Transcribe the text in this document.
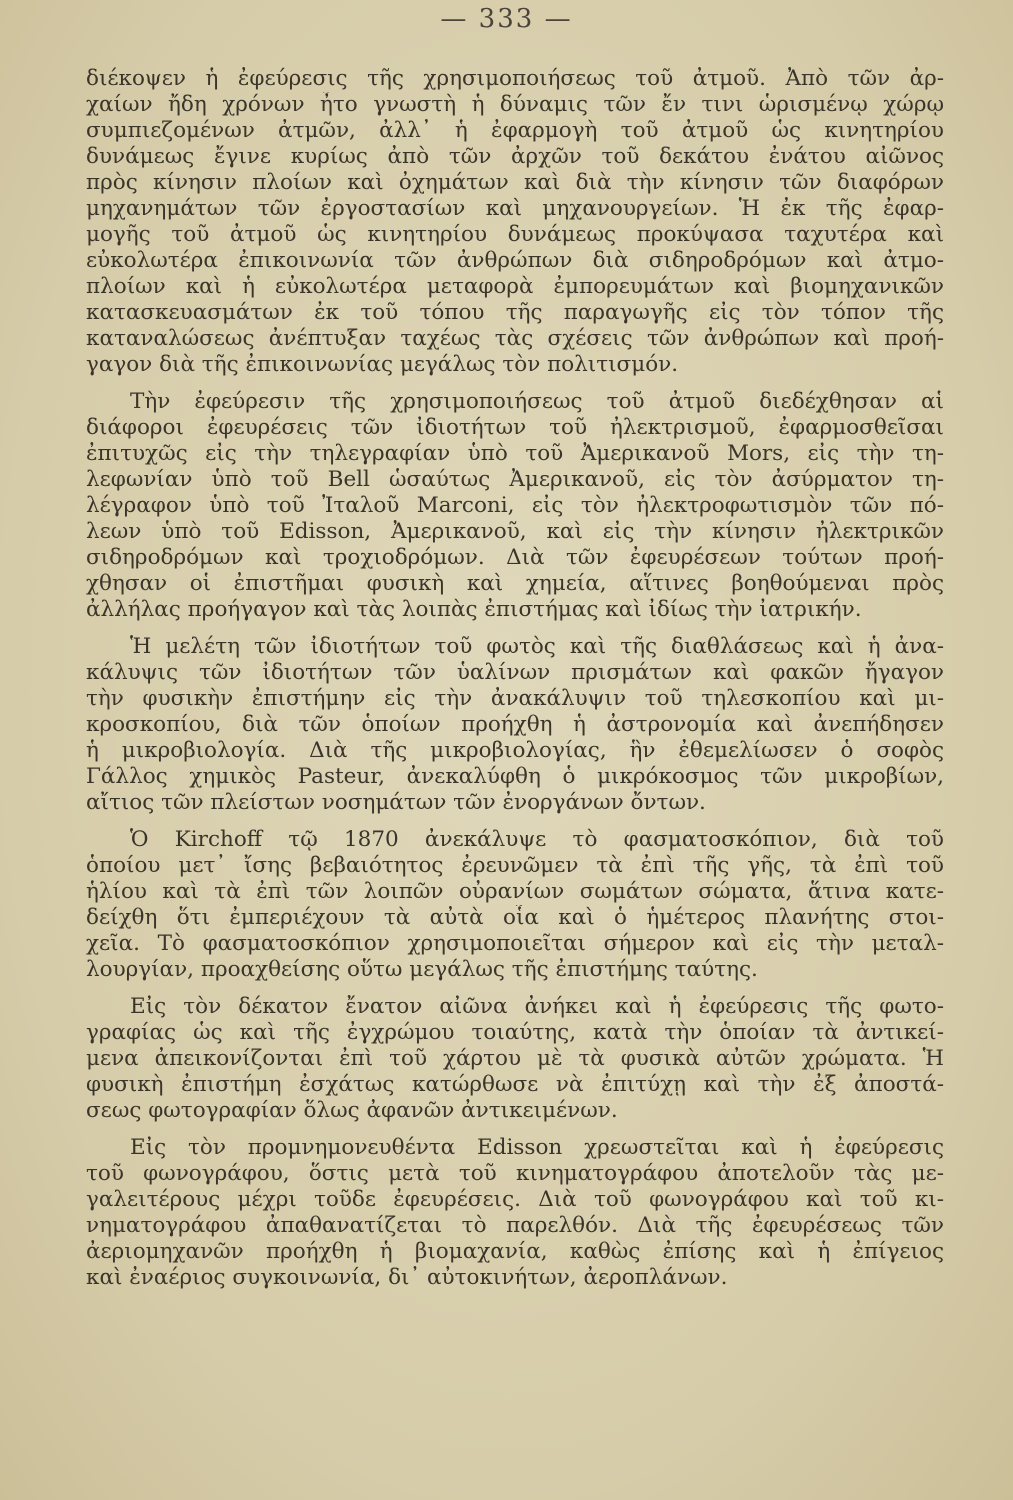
— 333 —
διέκοψεν ἡ ἐφεύρεσις τῆς χρησιμοποιήσεως τοῦ ἀτμοῦ. Ἀπὸ τῶν ἀρ-
χαίων ἤδη χρόνων ἦτο γνωστὴ ἡ δύναμις τῶν ἔν τινι ὡρισμένῳ χώρῳ
συμπιεζομένων ἀτμῶν, ἀλλ᾽ ἡ ἐφαρμογὴ τοῦ ἀτμοῦ ὡς κινητηρίου
δυνάμεως ἔγινε κυρίως ἀπὸ τῶν ἀρχῶν τοῦ δεκάτου ἐνάτου αἰῶνος
πρὸς κίνησιν πλοίων καὶ ὀχημάτων καὶ διὰ τὴν κίνησιν τῶν διαφόρων
μηχανημάτων τῶν ἐργοστασίων καὶ μηχανουργείων. Ἡ ἐκ τῆς ἐφαρ-
μογῆς τοῦ ἀτμοῦ ὡς κινητηρίου δυνάμεως προκύψασα ταχυτέρα καὶ
εὐκολωτέρα ἐπικοινωνία τῶν ἀνθρώπων διὰ σιδηροδρόμων καὶ ἀτμο-
πλοίων καὶ ἡ εὐκολωτέρα μεταφορὰ ἐμπορευμάτων καὶ βιομηχανικῶν
κατασκευασμάτων ἐκ τοῦ τόπου τῆς παραγωγῆς εἰς τὸν τόπον τῆς
καταναλώσεως ἀνέπτυξαν ταχέως τὰς σχέσεις τῶν ἀνθρώπων καὶ προή-
γαγον διὰ τῆς ἐπικοινωνίας μεγάλως τὸν πολιτισμόν.
Τὴν ἐφεύρεσιν τῆς χρησιμοποιήσεως τοῦ ἀτμοῦ διεδέχθησαν αἱ
διάφοροι ἐφευρέσεις τῶν ἰδιοτήτων τοῦ ἠλεκτρισμοῦ, ἐφαρμοσθεῖσαι
ἐπιτυχῶς εἰς τὴν τηλεγραφίαν ὑπὸ τοῦ Ἀμερικανοῦ Mors, εἰς τὴν τη-
λεφωνίαν ὑπὸ τοῦ Bell ὡσαύτως Ἀμερικανοῦ, εἰς τὸν ἀσύρματον τη-
λέγραφον ὑπὸ τοῦ Ἰταλοῦ Marconi, εἰς τὸν ἠλεκτροφωτισμὸν τῶν πό-
λεων ὑπὸ τοῦ Edisson, Ἀμερικανοῦ, καὶ εἰς τὴν κίνησιν ἠλεκτρικῶν
σιδηροδρόμων καὶ τροχιοδρόμων. Διὰ τῶν ἐφευρέσεων τούτων προή-
χθησαν οἱ ἐπιστῆμαι φυσικὴ καὶ χημεία, αἵτινες βοηθούμεναι πρὸς
ἀλλήλας προήγαγον καὶ τὰς λοιπὰς ἐπιστήμας καὶ ἰδίως τὴν ἰατρικήν.
Ἡ μελέτη τῶν ἰδιοτήτων τοῦ φωτὸς καὶ τῆς διαθλάσεως καὶ ἡ ἀνα-
κάλυψις τῶν ἰδιοτήτων τῶν ὑαλίνων πρισμάτων καὶ φακῶν ἤγαγον
τὴν φυσικὴν ἐπιστήμην εἰς τὴν ἀνακάλυψιν τοῦ τηλεσκοπίου καὶ μι-
κροσκοπίου, διὰ τῶν ὁποίων προήχθη ἡ ἀστρονομία καὶ ἀνεπήδησεν
ἡ μικροβιολογία. Διὰ τῆς μικροβιολογίας, ἣν ἐθεμελίωσεν ὁ σοφὸς
Γάλλος χημικὸς Pasteur, ἀνεκαλύφθη ὁ μικρόκοσμος τῶν μικροβίων,
αἴτιος τῶν πλείστων νοσημάτων τῶν ἐνοργάνων ὄντων.
Ὁ Kirchoff τῷ 1870 ἀνεκάλυψε τὸ φασματοσκόπιον, διὰ τοῦ
ὁποίου μετ᾽ ἴσης βεβαιότητος ἐρευνῶμεν τὰ ἐπὶ τῆς γῆς, τὰ ἐπὶ τοῦ
ἡλίου καὶ τὰ ἐπὶ τῶν λοιπῶν οὐρανίων σωμάτων σώματα, ἅτινα κατε-
δείχθη ὅτι ἐμπεριέχουν τὰ αὐτὰ οἷα καὶ ὁ ἡμέτερος πλανήτης στοι-
χεῖα. Τὸ φασματοσκόπιον χρησιμοποιεῖται σήμερον καὶ εἰς τὴν μεταλ-
λουργίαν, προαχθείσης οὕτω μεγάλως τῆς ἐπιστήμης ταύτης.
Εἰς τὸν δέκατον ἔνατον αἰῶνα ἀνήκει καὶ ἡ ἐφεύρεσις τῆς φωτο-
γραφίας ὡς καὶ τῆς ἐγχρώμου τοιαύτης, κατὰ τὴν ὁποίαν τὰ ἀντικεί-
μενα ἀπεικονίζονται ἐπὶ τοῦ χάρτου μὲ τὰ φυσικὰ αὐτῶν χρώματα. Ἡ
φυσικὴ ἐπιστήμη ἐσχάτως κατώρθωσε νὰ ἐπιτύχῃ καὶ τὴν ἐξ ἀποστά-
σεως φωτογραφίαν ὅλως ἀφανῶν ἀντικειμένων.
Εἰς τὸν προμνημονευθέντα Edisson χρεωστεῖται καὶ ἡ ἐφεύρεσις
τοῦ φωνογράφου, ὅστις μετὰ τοῦ κινηματογράφου ἀποτελοῦν τὰς με-
γαλειτέρους μέχρι τοῦδε ἐφευρέσεις. Διὰ τοῦ φωνογράφου καὶ τοῦ κι-
νηματογράφου ἀπαθανατίζεται τὸ παρελθόν. Διὰ τῆς ἐφευρέσεως τῶν
ἀεριομηχανῶν προήχθη ἡ βιομαχανία, καθὼς ἐπίσης καὶ ἡ ἐπίγειος
καὶ ἐναέριος συγκοινωνία, δι᾽ αὐτοκινήτων, ἀεροπλάνων.
